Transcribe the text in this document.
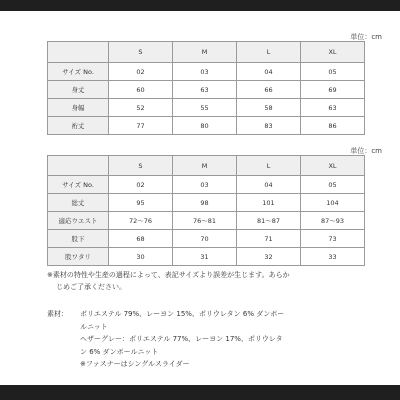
単位：cm
	S	M	L	XL
サイズ No.	02	03	04	05
身丈	60	63	66	69
身幅	52	55	58	63
裄丈	77	80	83	86
単位：cm
	S	M	L	XL
サイズ No.	02	03	04	05
総丈	95	98	101	104
適応ウエスト	72〜76	76〜81	81〜87	87〜93
股下	68	70	71	73
股ワタリ	30	31	32	33
※素材の特性や生産の過程によって、表記サイズより誤差が生じます。あらか
じめご了承ください。
素材： ポリエステル 79%、レーヨン 15%、ポリウレタン 6% ダンボー
ルニット
ヘザーグレー：ポリエステル 77%、レーヨン 17%、ポリウレタ
ン 6% ダンボールニット
※ファスナーはシングルスライダー
